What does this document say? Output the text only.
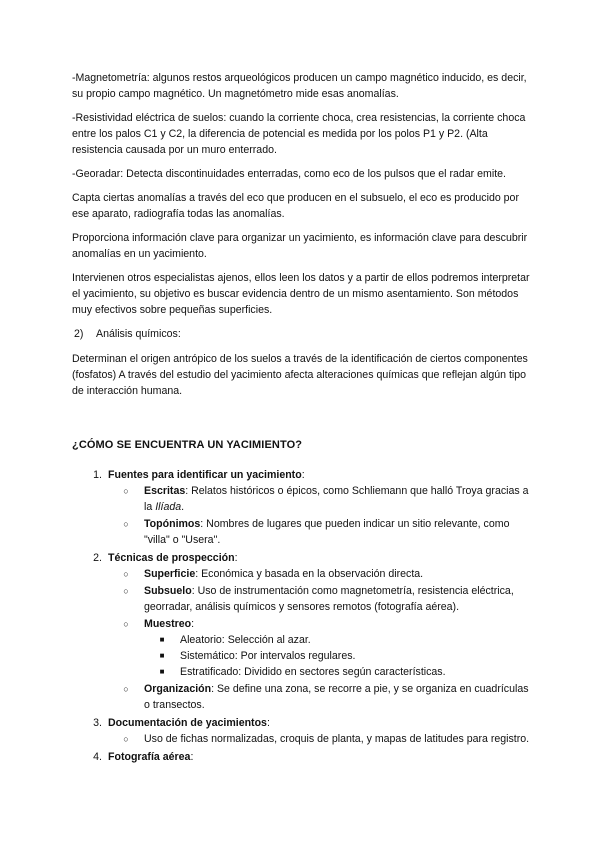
-Magnetometría: algunos restos arqueológicos producen un campo magnético inducido, es decir, su propio campo magnético. Un magnetómetro mide esas anomalías.

-Resistividad eléctrica de suelos: cuando la corriente choca, crea resistencias, la corriente choca entre los palos C1 y C2, la diferencia de potencial es medida por los polos P1 y P2. (Alta resistencia causada por un muro enterrado.

-Georadar: Detecta discontinuidades enterradas, como eco de los pulsos que el radar emite.

Capta ciertas anomalías a través del eco que producen en el subsuelo, el eco es producido por ese aparato, radiografía todas las anomalías.

Proporciona información clave para organizar un yacimiento, es información clave para descubrir anomalías en un yacimiento.

Intervienen otros especialistas ajenos, ellos leen los datos y a partir de ellos podremos interpretar el yacimiento, su objetivo es buscar evidencia dentro de un mismo asentamiento. Son métodos muy efectivos sobre pequeñas superficies.

2)	Análisis químicos:

Determinan el origen antrópico de los suelos a través de la identificación de ciertos componentes (fosfatos) A través del estudio del yacimiento afecta alteraciones químicas que reflejan algún tipo de interacción humana.

¿CÓMO SE ENCUENTRA UN YACIMIENTO?
1. Fuentes para identificar un yacimiento:
○	Escritas: Relatos históricos o épicos, como Schliemann que halló Troya gracias a la Ilíada.
○	Topónimos: Nombres de lugares que pueden indicar un sitio relevante, como "villa" o "Usera".
2. Técnicas de prospección:
○	Superficie: Económica y basada en la observación directa.
○	Subsuelo: Uso de instrumentación como magnetometría, resistencia eléctrica, georradar, análisis químicos y sensores remotos (fotografía aérea).
○	Muestreo:
■	Aleatorio: Selección al azar.
■	Sistemático: Por intervalos regulares.
■	Estratificado: Dividido en sectores según características.
○	Organización: Se define una zona, se recorre a pie, y se organiza en cuadrículas o transectos.
3. Documentación de yacimientos:
○	Uso de fichas normalizadas, croquis de planta, y mapas de latitudes para registro.
4. Fotografía aérea:
